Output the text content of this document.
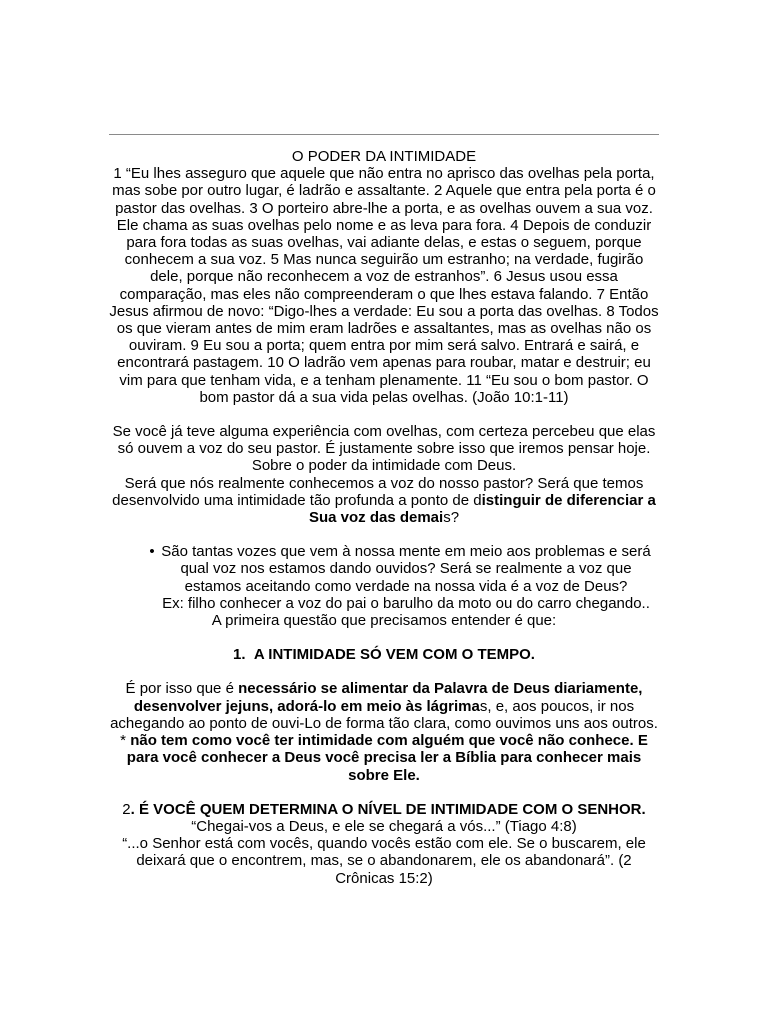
O PODER DA INTIMIDADE

1 “Eu lhes asseguro que aquele que não entra no aprisco das ovelhas pela porta, mas sobe por outro lugar, é ladrão e assaltante. 2 Aquele que entra pela porta é o pastor das ovelhas. 3 O porteiro abre-lhe a porta, e as ovelhas ouvem a sua voz. Ele chama as suas ovelhas pelo nome e as leva para fora. 4 Depois de conduzir para fora todas as suas ovelhas, vai adiante delas, e estas o seguem, porque conhecem a sua voz. 5 Mas nunca seguirão um estranho; na verdade, fugirão dele, porque não reconhecem a voz de estranhos”. 6 Jesus usou essa comparação, mas eles não compreenderam o que lhes estava falando. 7 Então Jesus afirmou de novo: “Digo-lhes a verdade: Eu sou a porta das ovelhas. 8 Todos os que vieram antes de mim eram ladrões e assaltantes, mas as ovelhas não os ouviram. 9 Eu sou a porta; quem entra por mim será salvo. Entrará e sairá, e encontrará pastagem. 10 O ladrão vem apenas para roubar, matar e destruir; eu vim para que tenham vida, e a tenham plenamente. 11 “Eu sou o bom pastor. O bom pastor dá a sua vida pelas ovelhas. (João 10:1-11)

Se você já teve alguma experiência com ovelhas, com certeza percebeu que elas só ouvem a voz do seu pastor. É justamente sobre isso que iremos pensar hoje. Sobre o poder da intimidade com Deus.

Será que nós realmente conhecemos a voz do nosso pastor? Será que temos desenvolvido uma intimidade tão profunda a ponto de distinguir de diferenciar a Sua voz das demais?

• São tantas vozes que vem à nossa mente em meio aos problemas e será qual voz nos estamos dando ouvidos? Será se realmente a voz que estamos aceitando como verdade na nossa vida é a voz de Deus?

Ex: filho conhecer a voz do pai o barulho da moto ou do carro chegando..

A primeira questão que precisamos entender é que:

1. A INTIMIDADE SÓ VEM COM O TEMPO.

É por isso que é necessário se alimentar da Palavra de Deus diariamente, desenvolver jejuns, adorá-lo em meio às lágrimas, e, aos poucos, ir nos achegando ao ponto de ouvi-Lo de forma tão clara, como ouvimos uns aos outros.

* não tem como você ter intimidade com alguém que você não conhece. E para você conhecer a Deus você precisa ler a Bíblia para conhecer mais sobre Ele.

2. É VOCÊ QUEM DETERMINA O NÍVEL DE INTIMIDADE COM O SENHOR.

“Chegai-vos a Deus, e ele se chegará a vós...” (Tiago 4:8)

“...o Senhor está com vocês, quando vocês estão com ele. Se o buscarem, ele deixará que o encontrem, mas, se o abandonarem, ele os abandonará”. (2 Crônicas 15:2)
